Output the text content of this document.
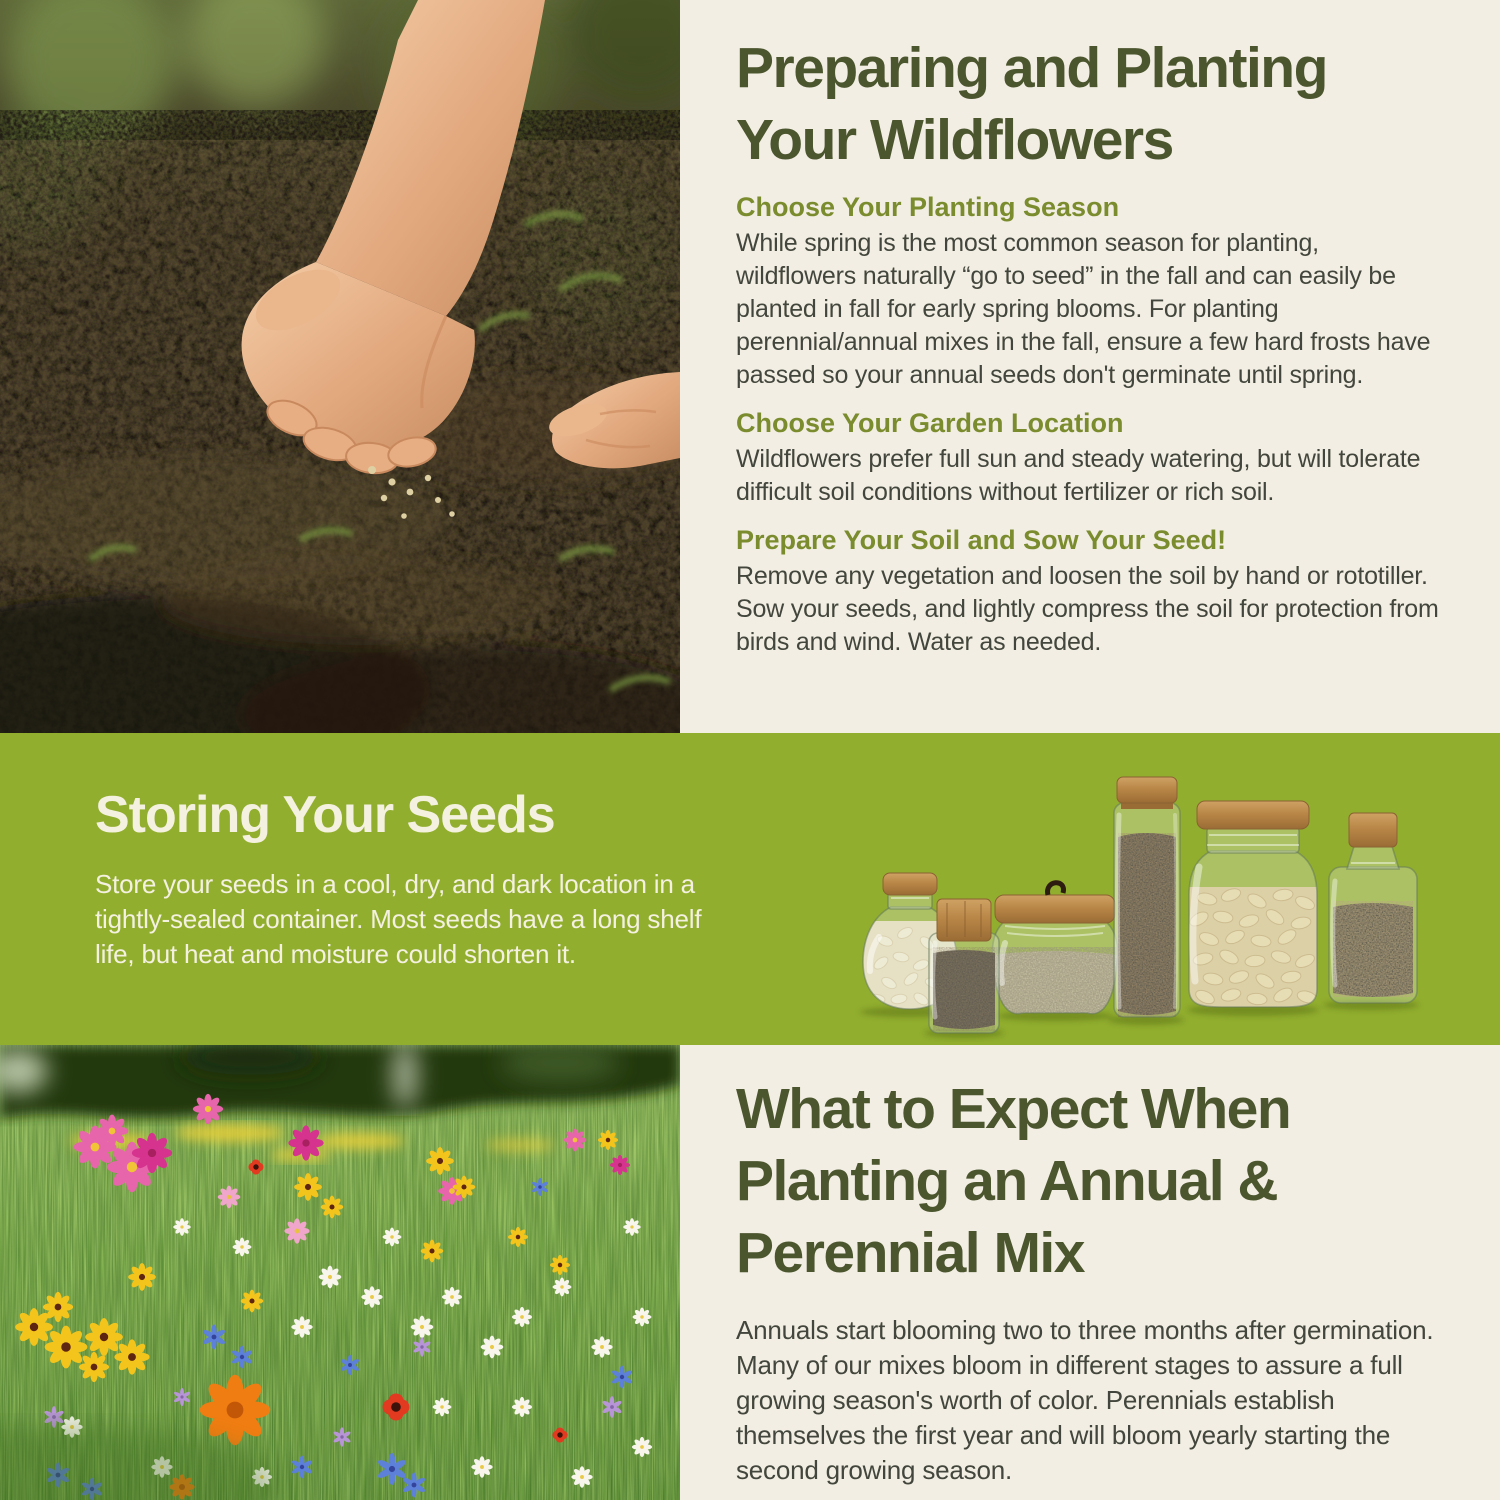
Preparing and Planting
Your Wildflowers
Choose Your Planting Season

While spring is the most common season for planting, wildflowers naturally “go to seed” in the fall and can easily be planted in fall for early spring blooms. For planting perennial/annual mixes in the fall, ensure a few hard frosts have passed so your annual seeds don't germinate until spring.

Choose Your Garden Location

Wildflowers prefer full sun and steady watering, but will tolerate difficult soil conditions without fertilizer or rich soil.

Prepare Your Soil and Sow Your Seed!

Remove any vegetation and loosen the soil by hand or rototiller. Sow your seeds, and lightly compress the soil for protection from birds and wind. Water as needed.

Storing Your Seeds

Store your seeds in a cool, dry, and dark location in a tightly-sealed container. Most seeds have a long shelf life, but heat and moisture could shorten it.

What to Expect When
Planting an Annual &
Perennial Mix

Annuals start blooming two to three months after germination. Many of our mixes bloom in different stages to assure a full growing season's worth of color. Perennials establish themselves the first year and will bloom yearly starting the second growing season.
